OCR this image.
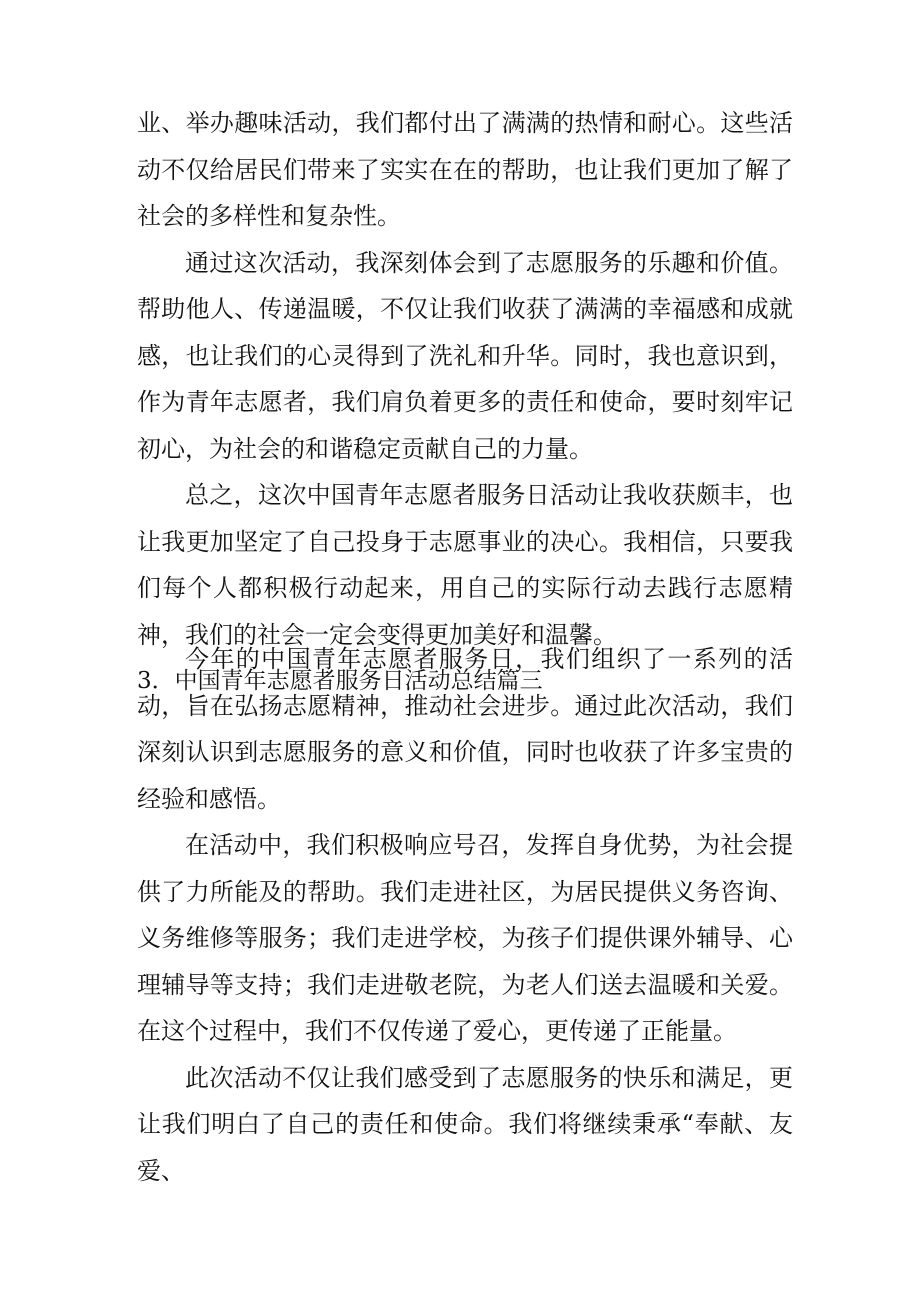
业、举办趣味活动，我们都付出了满满的热情和耐心。这些活动不仅给居民们带来了实实在在的帮助，也让我们更加了解了社会的多样性和复杂性。

通过这次活动，我深刻体会到了志愿服务的乐趣和价值。帮助他人、传递温暖，不仅让我们收获了满满的幸福感和成就感，也让我们的心灵得到了洗礼和升华。同时，我也意识到，作为青年志愿者，我们肩负着更多的责任和使命，要时刻牢记初心，为社会的和谐稳定贡献自己的力量。

总之，这次中国青年志愿者服务日活动让我收获颇丰，也让我更加坚定了自己投身于志愿事业的决心。我相信，只要我们每个人都积极行动起来，用自己的实际行动去践行志愿精神，我们的社会一定会变得更加美好和温馨。

3．中国青年志愿者服务日活动总结篇三

今年的中国青年志愿者服务日，我们组织了一系列的活动，旨在弘扬志愿精神，推动社会进步。通过此次活动，我们深刻认识到志愿服务的意义和价值，同时也收获了许多宝贵的经验和感悟。

在活动中，我们积极响应号召，发挥自身优势，为社会提供了力所能及的帮助。我们走进社区，为居民提供义务咨询、义务维修等服务；我们走进学校，为孩子们提供课外辅导、心理辅导等支持；我们走进敬老院，为老人们送去温暖和关爱。在这个过程中，我们不仅传递了爱心，更传递了正能量。

此次活动不仅让我们感受到了志愿服务的快乐和满足，更让我们明白了自己的责任和使命。我们将继续秉承“奉献、友爱、
